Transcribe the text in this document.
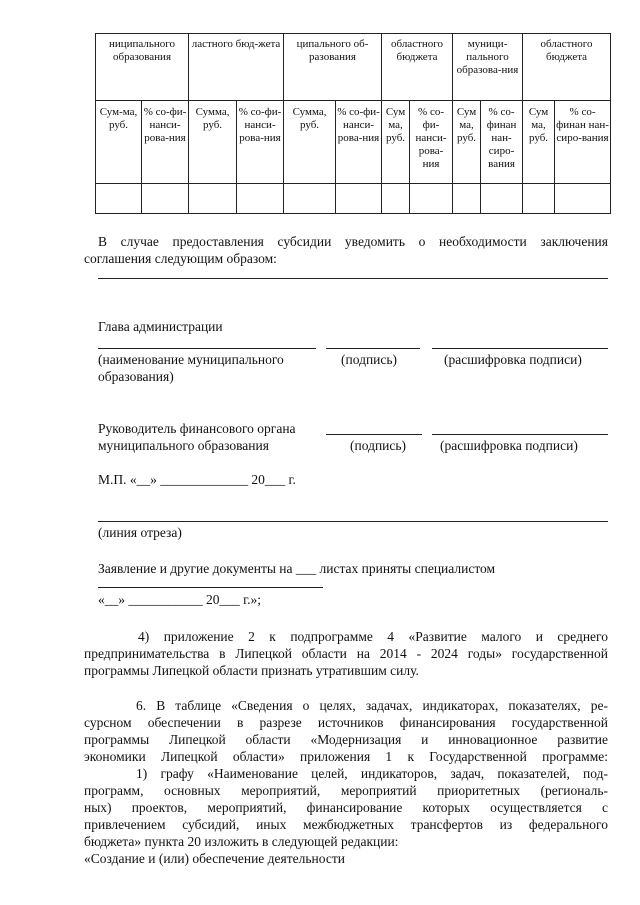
ниципального образования		ластного бюд-жета		ципального об-разования		областного бюджета		муници-пального образова-ния		областного бюджета	
Сум-ма, руб.	% со-фи-нанси-рова-ния	Сумма, руб.	% со-фи-нанси-рова-ния	Сумма, руб.	% со-фи-нанси-рова-ния	Сум ма, руб.	% со-фи-нанси-рова-ния	Сум ма, руб.	% со-финан нан-сиро-вания	Сум ма, руб.	% со-финан нан-сиро-вания

В случае предоставления субсидии уведомить о необходимости заключения
соглашения следующим образом:
Глава администрации
(наименование муниципального	(подпись)	(расшифровка подписи)
образования)
Руководитель финансового органа
муниципального образования	(подпись)	(расшифровка подписи)
М.П. «__» _____________ 20___ г.
(линия отреза)
Заявление и другие документы на ___ листах приняты специалистом
«__» ___________ 20___ г.»;
4) приложение 2 к подпрограмме 4 «Развитие малого и среднего
предпринимательства в Липецкой области на 2014 - 2024 годы» государственной
программы Липецкой области признать утратившим силу.
6. В таблице «Сведения о целях, задачах, индикаторах, показателях, ре-
сурсном обеспечении в разрезе источников финансирования государственной
программы Липецкой области «Модернизация и инновационное развитие
экономики Липецкой области» приложения 1 к Государственной программе:
1) графу «Наименование целей, индикаторов, задач, показателей, под-
программ, основных мероприятий, мероприятий приоритетных (региональ-
ных) проектов, мероприятий, финансирование которых осуществляется с
привлечением субсидий, иных межбюджетных трансфертов из федерального
бюджета» пункта 20 изложить в следующей редакции:
«Создание и (или) обеспечение деятельности
